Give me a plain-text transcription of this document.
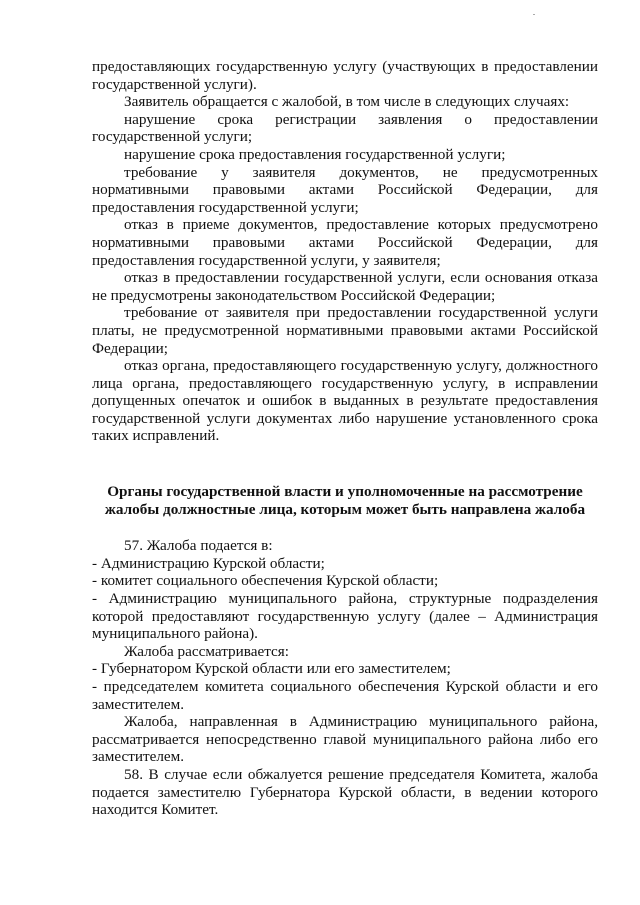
предоставляющих государственную услугу (участвующих в предоставлении государственной услуги).

Заявитель обращается с жалобой, в том числе в следующих случаях:

нарушение срока регистрации заявления о предоставлении государственной услуги;

нарушение срока предоставления государственной услуги;

требование у заявителя документов, не предусмотренных нормативными правовыми актами Российской Федерации, для предоставления государственной услуги;

отказ в приеме документов, предоставление которых предусмотрено нормативными правовыми актами Российской Федерации, для предоставления государственной услуги, у заявителя;

отказ в предоставлении государственной услуги, если основания отказа не предусмотрены законодательством Российской Федерации;

требование от заявителя при предоставлении государственной услуги платы, не предусмотренной нормативными правовыми актами Российской Федерации;

отказ органа, предоставляющего государственную услугу, должностного лица органа, предоставляющего государственную услугу, в исправлении допущенных опечаток и ошибок в выданных в результате предоставления государственной услуги документах либо нарушение установленного срока таких исправлений.

Органы государственной власти и уполномоченные на рассмотрение жалобы должностные лица, которым может быть направлена жалоба

57. Жалоба подается в:

- Администрацию Курской области;

- комитет социального обеспечения Курской области;

- Администрацию муниципального района, структурные подразделения которой предоставляют государственную услугу (далее – Администрация муниципального района).

Жалоба рассматривается:

- Губернатором Курской области или его заместителем;

- председателем комитета социального обеспечения Курской области и его заместителем.

Жалоба, направленная в Администрацию муниципального района, рассматривается непосредственно главой муниципального района либо его заместителем.

58. В случае если обжалуется решение председателя Комитета, жалоба подается заместителю Губернатора Курской области, в ведении которого находится Комитет.
